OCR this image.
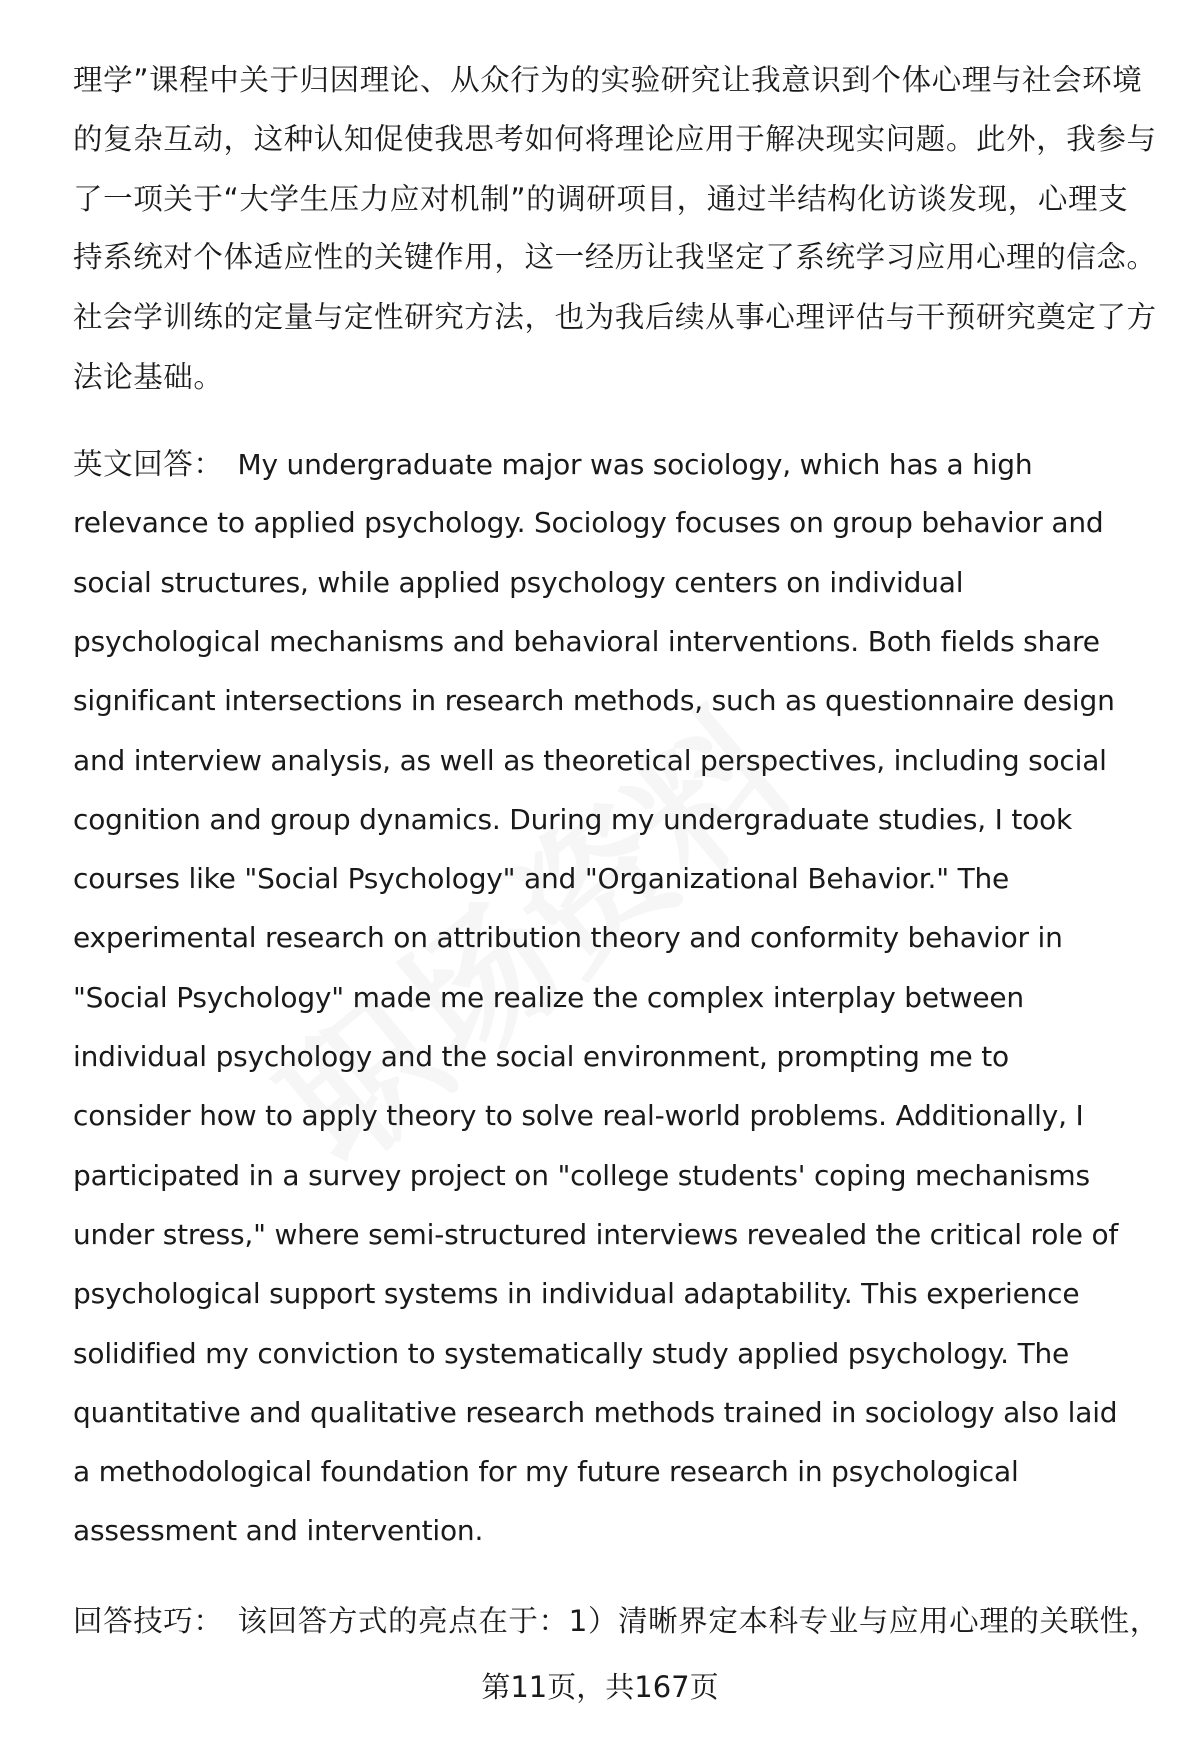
理学”课程中关于归因理论、从众行为的实验研究让我意识到个体心理与社会环境
的复杂互动，这种认知促使我思考如何将理论应用于解决现实问题。此外，我参与
了一项关于“大学生压力应对机制”的调研项目，通过半结构化访谈发现，心理支
持系统对个体适应性的关键作用，这一经历让我坚定了系统学习应用心理的信念。
社会学训练的定量与定性研究方法，也为我后续从事心理评估与干预研究奠定了方
法论基础。
英文回答： My undergraduate major was sociology, which has a high
relevance to applied psychology. Sociology focuses on group behavior and
social structures, while applied psychology centers on individual
psychological mechanisms and behavioral interventions. Both fields share
significant intersections in research methods, such as questionnaire design
and interview analysis, as well as theoretical perspectives, including social
cognition and group dynamics. During my undergraduate studies, I took
courses like "Social Psychology" and "Organizational Behavior." The
experimental research on attribution theory and conformity behavior in
"Social Psychology" made me realize the complex interplay between
individual psychology and the social environment, prompting me to
consider how to apply theory to solve real-world problems. Additionally, I
participated in a survey project on "college students' coping mechanisms
under stress," where semi-structured interviews revealed the critical role of
psychological support systems in individual adaptability. This experience
solidified my conviction to systematically study applied psychology. The
quantitative and qualitative research methods trained in sociology also laid
a methodological foundation for my future research in psychological
assessment and intervention.
回答技巧： 该回答方式的亮点在于：1）清晰界定本科专业与应用心理的关联性，
第11页，共167页
